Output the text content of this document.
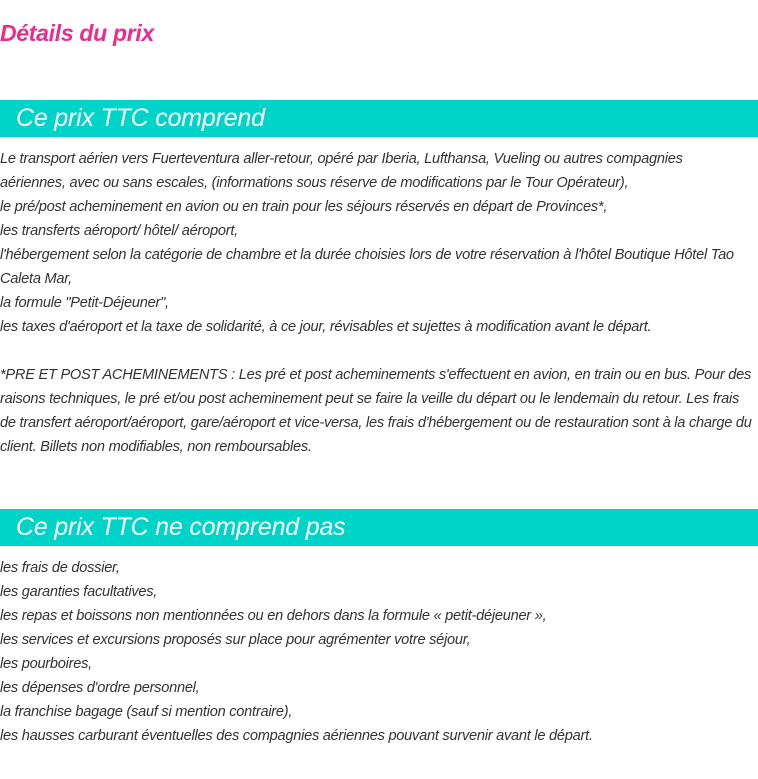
Détails du prix
Ce prix TTC comprend

Le transport aérien vers Fuerteventura aller-retour, opéré par Iberia, Lufthansa, Vueling ou autres compagnies aériennes, avec ou sans escales, (informations sous réserve de modifications par le Tour Opérateur),

le pré/post acheminement en avion ou en train pour les séjours réservés en départ de Provinces*,

les transferts aéroport/ hôtel/ aéroport,

l'hébergement selon la catégorie de chambre et la durée choisies lors de votre réservation à l'hôtel Boutique Hôtel Tao Caleta Mar,

la formule "Petit-Déjeuner",

les taxes d'aéroport et la taxe de solidarité, à ce jour, révisables et sujettes à modification avant le départ.

*PRE ET POST ACHEMINEMENTS : Les pré et post acheminements s'effectuent en avion, en train ou en bus. Pour des raisons techniques, le pré et/ou post acheminement peut se faire la veille du départ ou le lendemain du retour. Les frais de transfert aéroport/aéroport, gare/aéroport et vice-versa, les frais d'hébergement ou de restauration sont à la charge du client. Billets non modifiables, non remboursables.

Ce prix TTC ne comprend pas

les frais de dossier,

les garanties facultatives,

les repas et boissons non mentionnées ou en dehors dans la formule « petit-déjeuner »,

les services et excursions proposés sur place pour agrémenter votre séjour,

les pourboires,

les dépenses d'ordre personnel,

la franchise bagage (sauf si mention contraire),

les hausses carburant éventuelles des compagnies aériennes pouvant survenir avant le départ.
